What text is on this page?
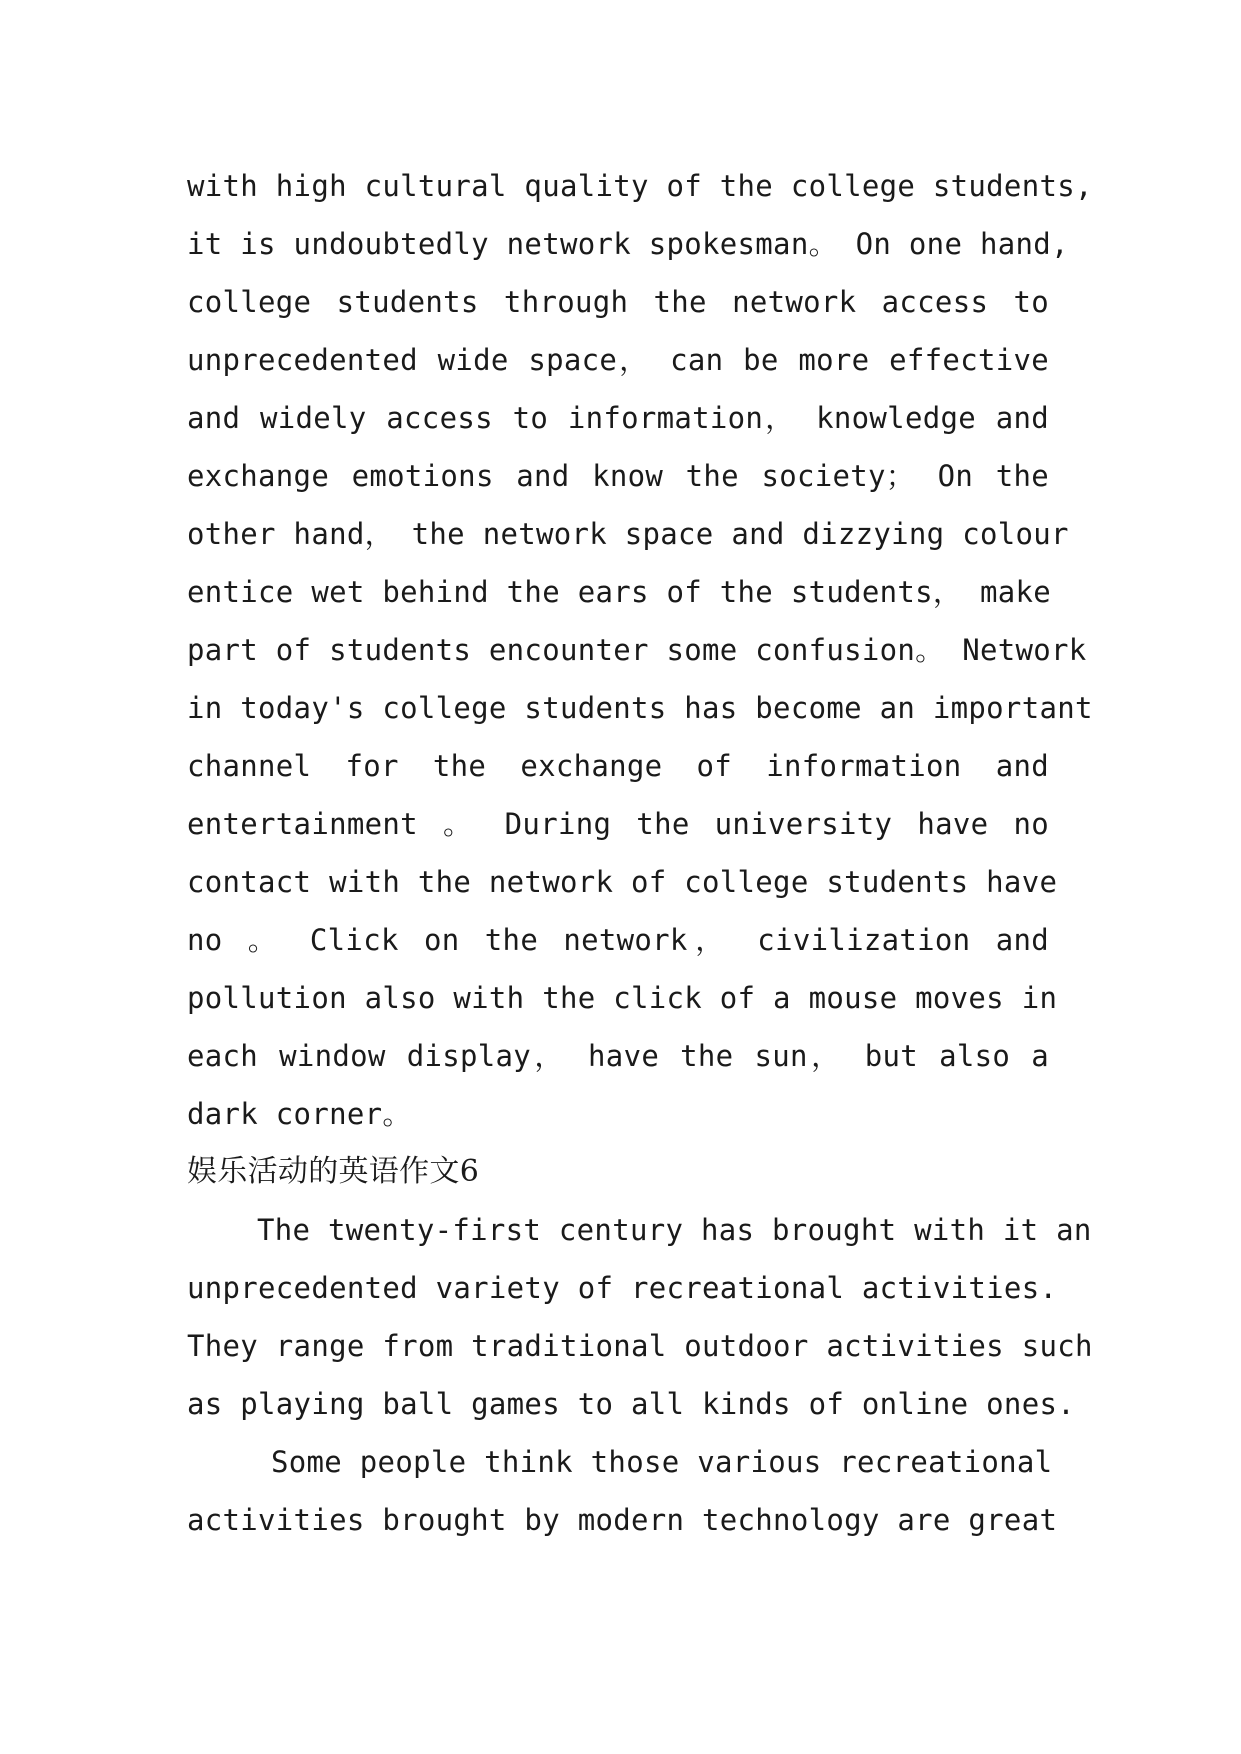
with high cultural quality of the college students,
it is undoubtedly network spokesman。 On one hand,
college students through the network access to
unprecedented wide space， can be more effective
and widely access to information， knowledge and
exchange emotions and know the society； On the
other hand， the network space and dizzying colour
entice wet behind the ears of the students， make
part of students encounter some confusion。 Network
in today's college students has become an important
channel for the exchange of information and
entertainment 。 During the university have no
contact with the network of college students have
no 。 Click on the network， civilization and
pollution also with the click of a mouse moves in
each window display， have the sun， but also a
dark corner。
娱乐活动的英语作文6
The twenty-first century has brought with it an
unprecedented variety of recreational activities.
They range from traditional outdoor activities such
as playing ball games to all kinds of online ones.
Some people think those various recreational
activities brought by modern technology are great
